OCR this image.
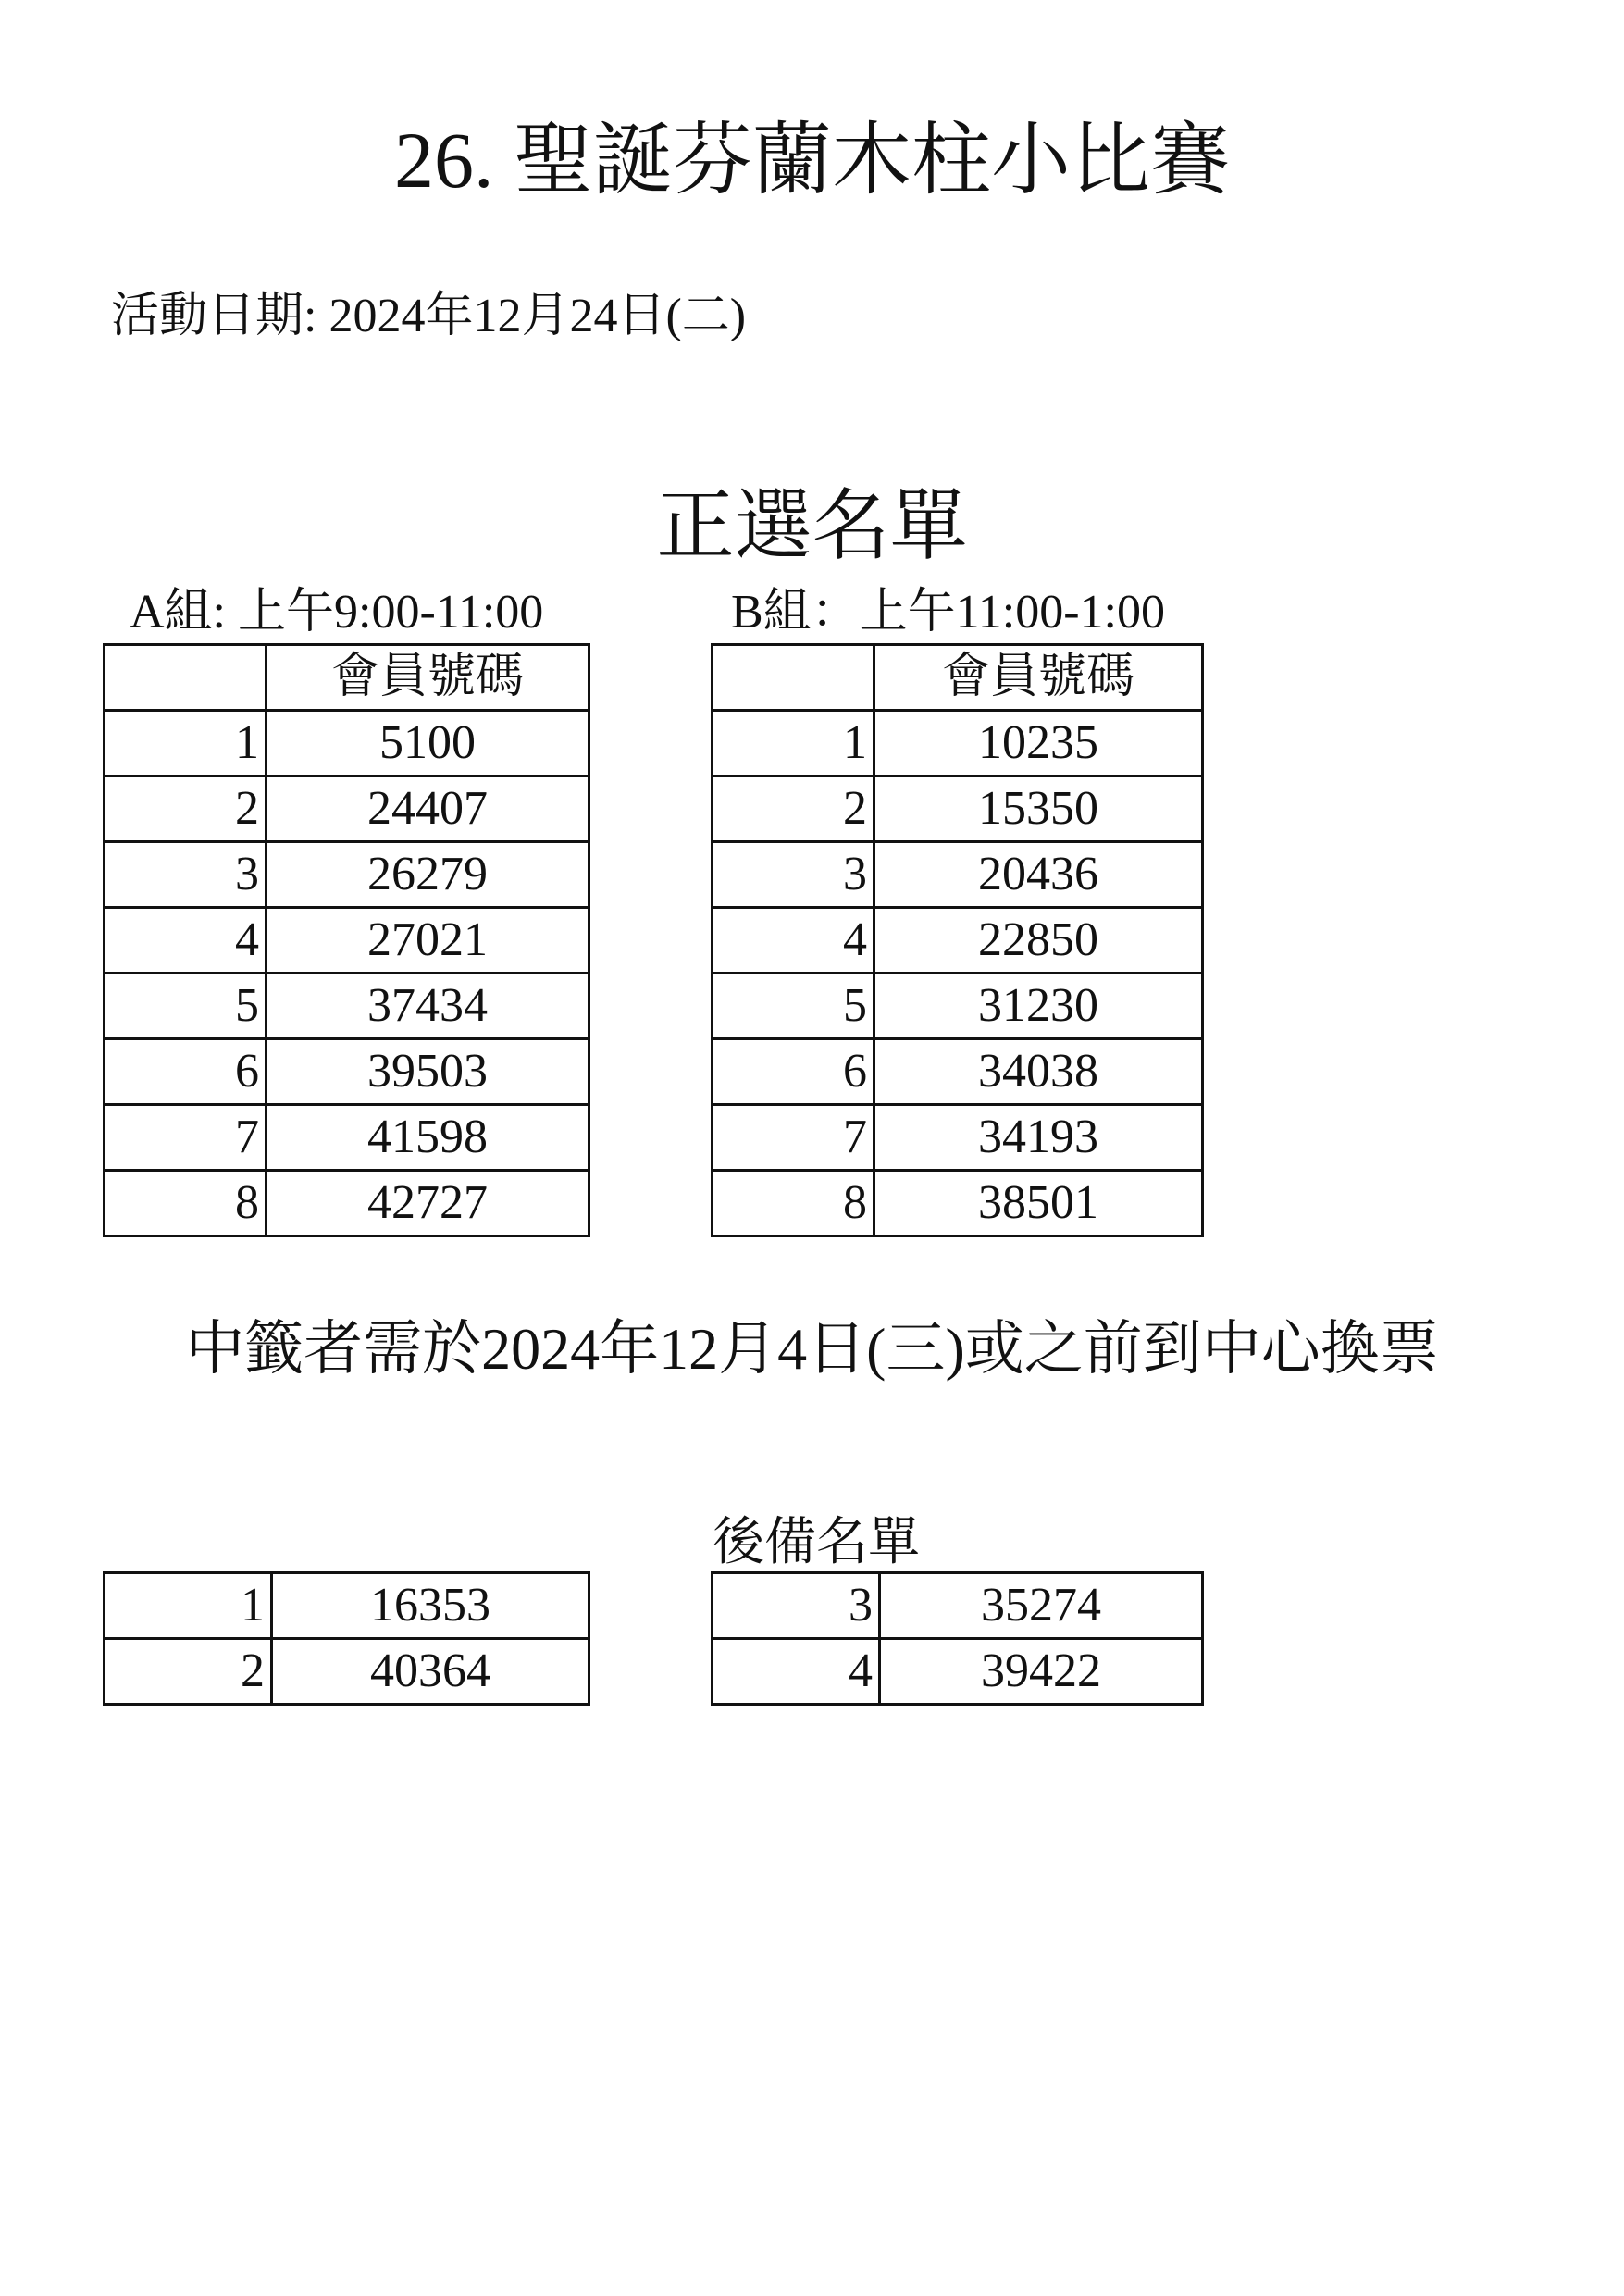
26. 聖誕芬蘭木柱小比賽
活動日期: 2024年12月24日(二)
正選名單
A組: 上午9:00-11:00	B組：上午11:00-1:00
	會員號碼
1	5100
2	24407
3	26279
4	27021
5	37434
6	39503
7	41598
8	42727
	會員號碼
1	10235
2	15350
3	20436
4	22850
5	31230
6	34038
7	34193
8	38501
中籤者需於2024年12月4日(三)或之前到中心換票
後備名單
1	16353
2	40364
3	35274
4	39422
